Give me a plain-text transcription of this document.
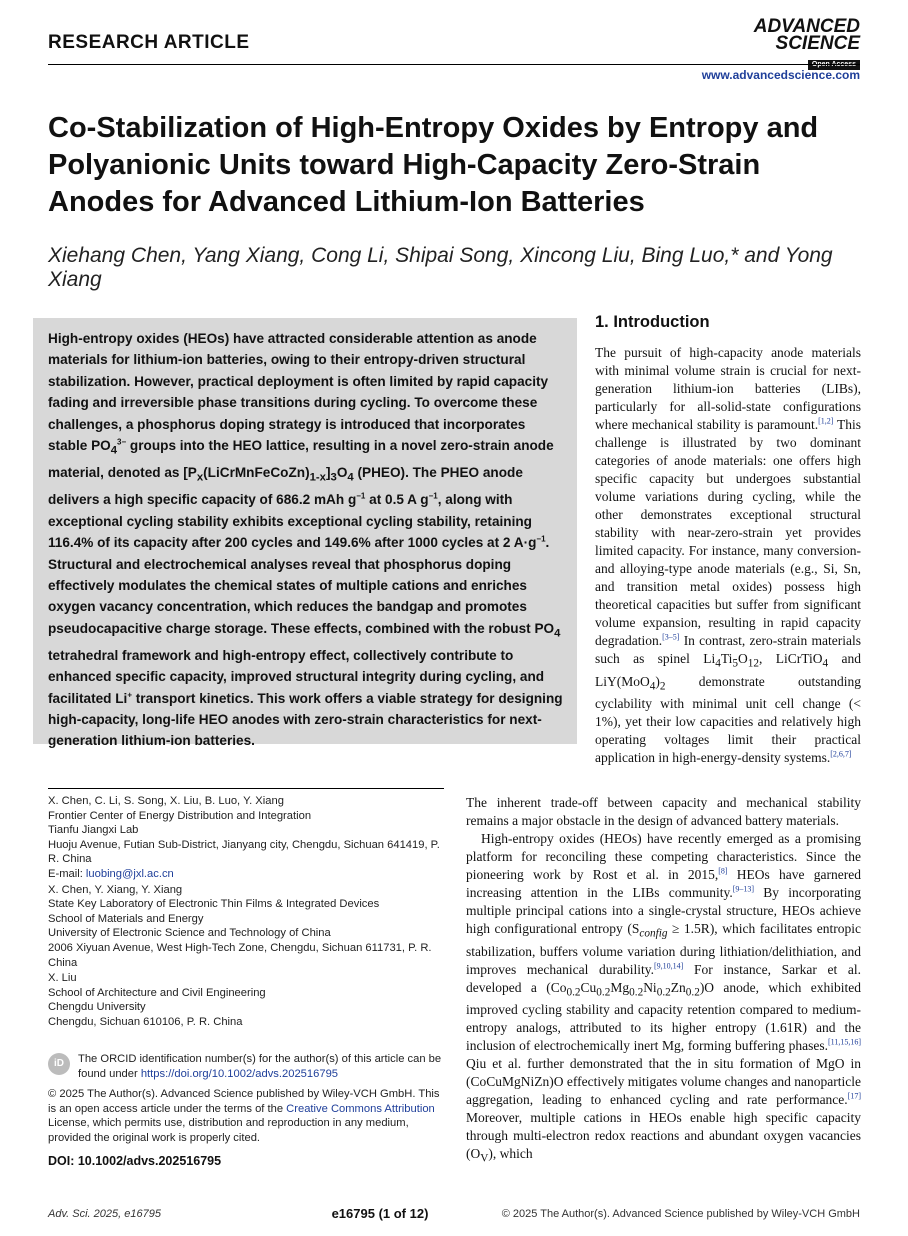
RESEARCH ARTICLE
ADVANCED
SCIENCE
www.advancedscience.com
Co-Stabilization of High-Entropy Oxides by Entropy and Polyanionic Units toward High-Capacity Zero-Strain Anodes for Advanced Lithium-Ion Batteries
Xiehang Chen, Yang Xiang, Cong Li, Shipai Song, Xincong Liu, Bing Luo,* and Yong Xiang
High-entropy oxides (HEOs) have attracted considerable attention as anode materials for lithium-ion batteries, owing to their entropy-driven structural stabilization. However, practical deployment is often limited by rapid capacity fading and irreversible phase transitions during cycling. To overcome these challenges, a phosphorus doping strategy is introduced that incorporates stable $PO_4^{3-}$ groups into the HEO lattice, resulting in a novel zero-strain anode material, denoted as $[P_x(LiCrMnFeCoZn)_{1-x}]_3O_4$ (PHEO). The PHEO anode delivers a high specific capacity of 686.2 mAh $g^{-1}$ at 0.5 A $g^{-1}$, along with exceptional cycling stability exhibits exceptional cycling stability, retaining 116.4% of its capacity after 200 cycles and 149.6% after 1000 cycles at 2 $A\cdot g^{-1}$. Structural and electrochemical analyses reveal that phosphorus doping effectively modulates the chemical states of multiple cations and enriches oxygen vacancy concentration, which reduces the bandgap and promotes pseudocapacitive charge storage. These effects, combined with the robust $PO_4$ tetrahedral framework and high-entropy effect, collectively contribute to enhanced specific capacity, improved structural integrity during cycling, and facilitated Li+ transport kinetics. This work offers a viable strategy for designing high-capacity, long-life HEO anodes with zero-strain characteristics for next-generation lithium-ion batteries.
1. Introduction
The pursuit of high-capacity anode materials with minimal volume strain is crucial for next-generation lithium-ion batteries (LIBs), particularly for all-solid-state configurations where mechanical stability is paramount.[1,2] This challenge is illustrated by two dominant categories of anode materials: one offers high specific capacity but undergoes substantial volume variations during cycling, while the other demonstrates exceptional structural stability with near-zero-strain yet provides limited capacity. For instance, many conversion- and alloying-type anode materials (e.g., Si, Sn, and transition metal oxides) possess high theoretical capacities but suffer from significant volume expansion, resulting in rapid capacity degradation.[3–5] In contrast, zero-strain materials such as spinel $Li_4Ti_5O_{12}$, LiCrTiO$_4$ and $LiY(MoO_4)_2$ demonstrate outstanding cyclability with minimal unit cell change (< 1%), yet their low capacities and relatively high operating voltages limit their practical application in high-energy-density systems.[2,6,7]

The inherent trade-off between capacity and mechanical stability remains a major obstacle in the design of advanced battery materials.

High-entropy oxides (HEOs) have recently emerged as a promising platform for reconciling these competing characteristics. Since the pioneering work by Rost et al. in 2015,[8] HEOs have garnered increasing attention in the LIBs community.[9–13] By incorporating multiple principal cations into a single-crystal structure, HEOs achieve high configurational entropy $(S_{config} \ge 1.5R)$, which facilitates entropic stabilization, buffers volume variation during lithiation/delithiation, and improves mechanical durability.[9,10,14] For instance, Sarkar et al. developed a $(Co_{0.2}Cu_{0.2}Mg_{0.2}Ni_{0.2}Zn_{0.2})O$ anode, which exhibited improved cycling stability and capacity retention compared to medium-entropy analogs, attributed to its higher entropy (1.61R) and the inclusion of electrochemically inert Mg, forming buffering phases.[11,15,16] Qiu et al. further demonstrated that the in situ formation of MgO in (CoCuMgNiZn)O effectively mitigates volume changes and nanoparticle aggregation, leading to enhanced cycling and rate performance.[17] Moreover, multiple cations in HEOs enable high specific capacity through multi-electron redox reactions and abundant oxygen vacancies $(O_V)$, which

X. Chen, C. Li, S. Song, X. Liu, B. Luo, Y. Xiang
Frontier Center of Energy Distribution and Integration
Tianfu Jiangxi Lab
Huoju Avenue, Futian Sub-District, Jianyang city, Chengdu, Sichuan 641419, P. R. China
E-mail: luobing@jxl.ac.cn
X. Chen, Y. Xiang, Y. Xiang
State Key Laboratory of Electronic Thin Films & Integrated Devices
School of Materials and Energy
University of Electronic Science and Technology of China
2006 Xiyuan Avenue, West High-Tech Zone, Chengdu, Sichuan 611731, P. R. China
X. Liu
School of Architecture and Civil Engineering
Chengdu University
Chengdu, Sichuan 610106, P. R. China
iD	The ORCID identification number(s) for the author(s) of this article can be found under https://doi.org/10.1002/advs.202516795
© 2025 The Author(s). Advanced Science published by Wiley-VCH GmbH. This is an open access article under the terms of the Creative Commons Attribution License, which permits use, distribution and reproduction in any medium, provided the original work is properly cited.
DOI: 10.1002/advs.202516795
Adv. Sci. 2025, e16795	e16795 (1 of 12)	© 2025 The Author(s). Advanced Science published by Wiley-VCH GmbH
